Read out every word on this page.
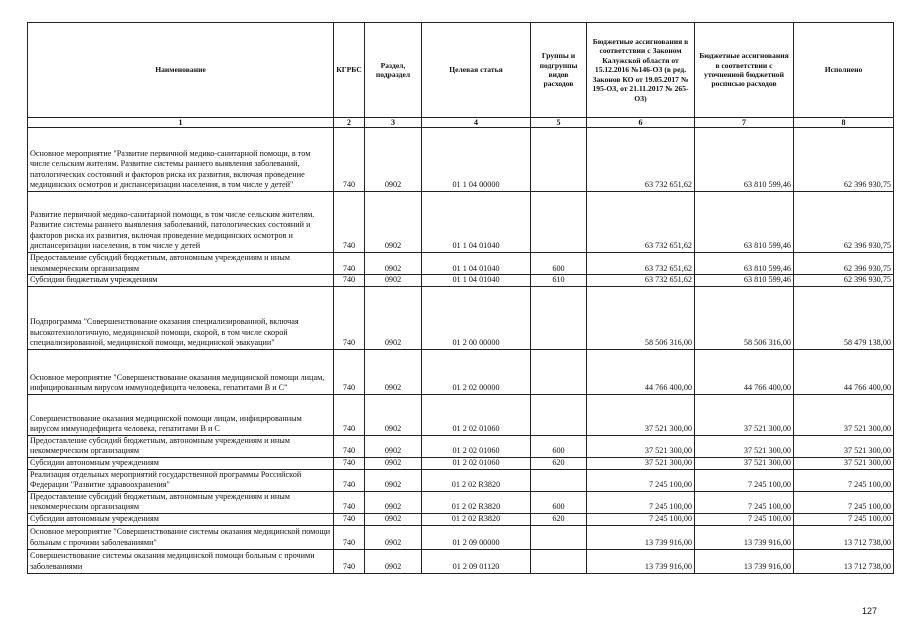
Наименование	КГРБС	Раздел, подраздел	Целевая статья	Группы и подгруппы видов расходов	Бюджетные ассигнования в соответствии с Законом Калужской области от 15.12.2016 №146-ОЗ (в ред. Законов КО от 19.05.2017 № 195-ОЗ, от 21.11.2017 № 265-ОЗ)	Бюджетные ассигнования в соответствии с уточненной бюджетной росписью расходов	Исполнено
1	2	3	4	5	6	7	8
Основное мероприятие "Развитие первичной медико-санитарной помощи, в том числе сельским жителям. Развитие системы раннего выявления заболеваний, патологических состояний и факторов риска их развития, включая проведение медицинских осмотров и диспансеризации населения, в том числе у детей"	740	0902	01 1 04 00000		63 732 651,62	63 810 599,46	62 396 930,75
Развитие первичной медико-санитарной помощи, в том числе сельским жителям. Развитие системы раннего выявления заболеваний, патологических состояний и факторов риска их развития, включая проведение медицинских осмотров и диспансеризации населения, в том числе у детей	740	0902	01 1 04 01040		63 732 651,62	63 810 599,46	62 396 930,75
Предоставление субсидий бюджетным, автономным учреждениям и иным некоммерческим организациям	740	0902	01 1 04 01040	600	63 732 651,62	63 810 599,46	62 396 930,75
Субсидии бюджетным учреждениям	740	0902	01 1 04 01040	610	63 732 651,62	63 810 599,46	62 396 930,75
Подпрограмма "Совершенствование оказания специализированной, включая высокотехнологичную, медицинской помощи, скорой, в том числе скорой специализированной, медицинской помощи, медицинской эвакуации"	740	0902	01 2 00 00000		58 506 316,00	58 506 316,00	58 479 138,00
Основное мероприятие "Совершенствование оказания медицинской помощи лицам, инфицированным вирусом иммунодефицита человека, гепатитами В и С"	740	0902	01 2 02 00000		44 766 400,00	44 766 400,00	44 766 400,00
Совершенствование оказания медицинской помощи лицам, инфицированным вирусом иммунодефицита человека, гепатитами В и С	740	0902	01 2 02 01060		37 521 300,00	37 521 300,00	37 521 300,00
Предоставление субсидий бюджетным, автономным учреждениям и иным некоммерческим организациям	740	0902	01 2 02 01060	600	37 521 300,00	37 521 300,00	37 521 300,00
Субсидии автономным учреждениям	740	0902	01 2 02 01060	620	37 521 300,00	37 521 300,00	37 521 300,00
Реализация отдельных мероприятий государственной программы Российской Федерации "Развитие здравоохранения"	740	0902	01 2 02 R3820		7 245 100,00	7 245 100,00	7 245 100,00
Предоставление субсидий бюджетным, автономным учреждениям и иным некоммерческим организациям	740	0902	01 2 02 R3820	600	7 245 100,00	7 245 100,00	7 245 100,00
Субсидии автономным учреждениям	740	0902	01 2 02 R3820	620	7 245 100,00	7 245 100,00	7 245 100,00
Основное мероприятие "Совершенствование системы оказания медицинской помощи больным с прочими заболеваниями"	740	0902	01 2 09 00000		13 739 916,00	13 739 916,00	13 712 738,00
Совершенствование системы оказания медицинской помощи больным с прочими заболеваниями	740	0902	01 2 09 01120		13 739 916,00	13 739 916,00	13 712 738,00
127
